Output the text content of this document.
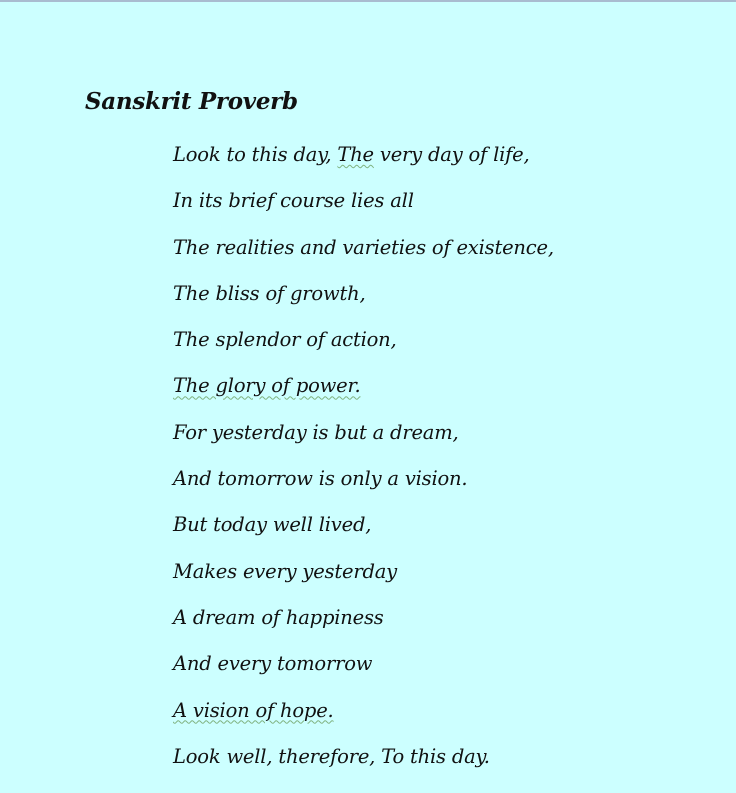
Sanskrit Proverb
Look to this day, The very day of life,
In its brief course lies all
The realities and varieties of existence,
The bliss of growth,
The splendor of action,
The glory of power.
For yesterday is but a dream,
And tomorrow is only a vision.
But today well lived,
Makes every yesterday
A dream of happiness
And every tomorrow
A vision of hope.
Look well, therefore, To this day.
